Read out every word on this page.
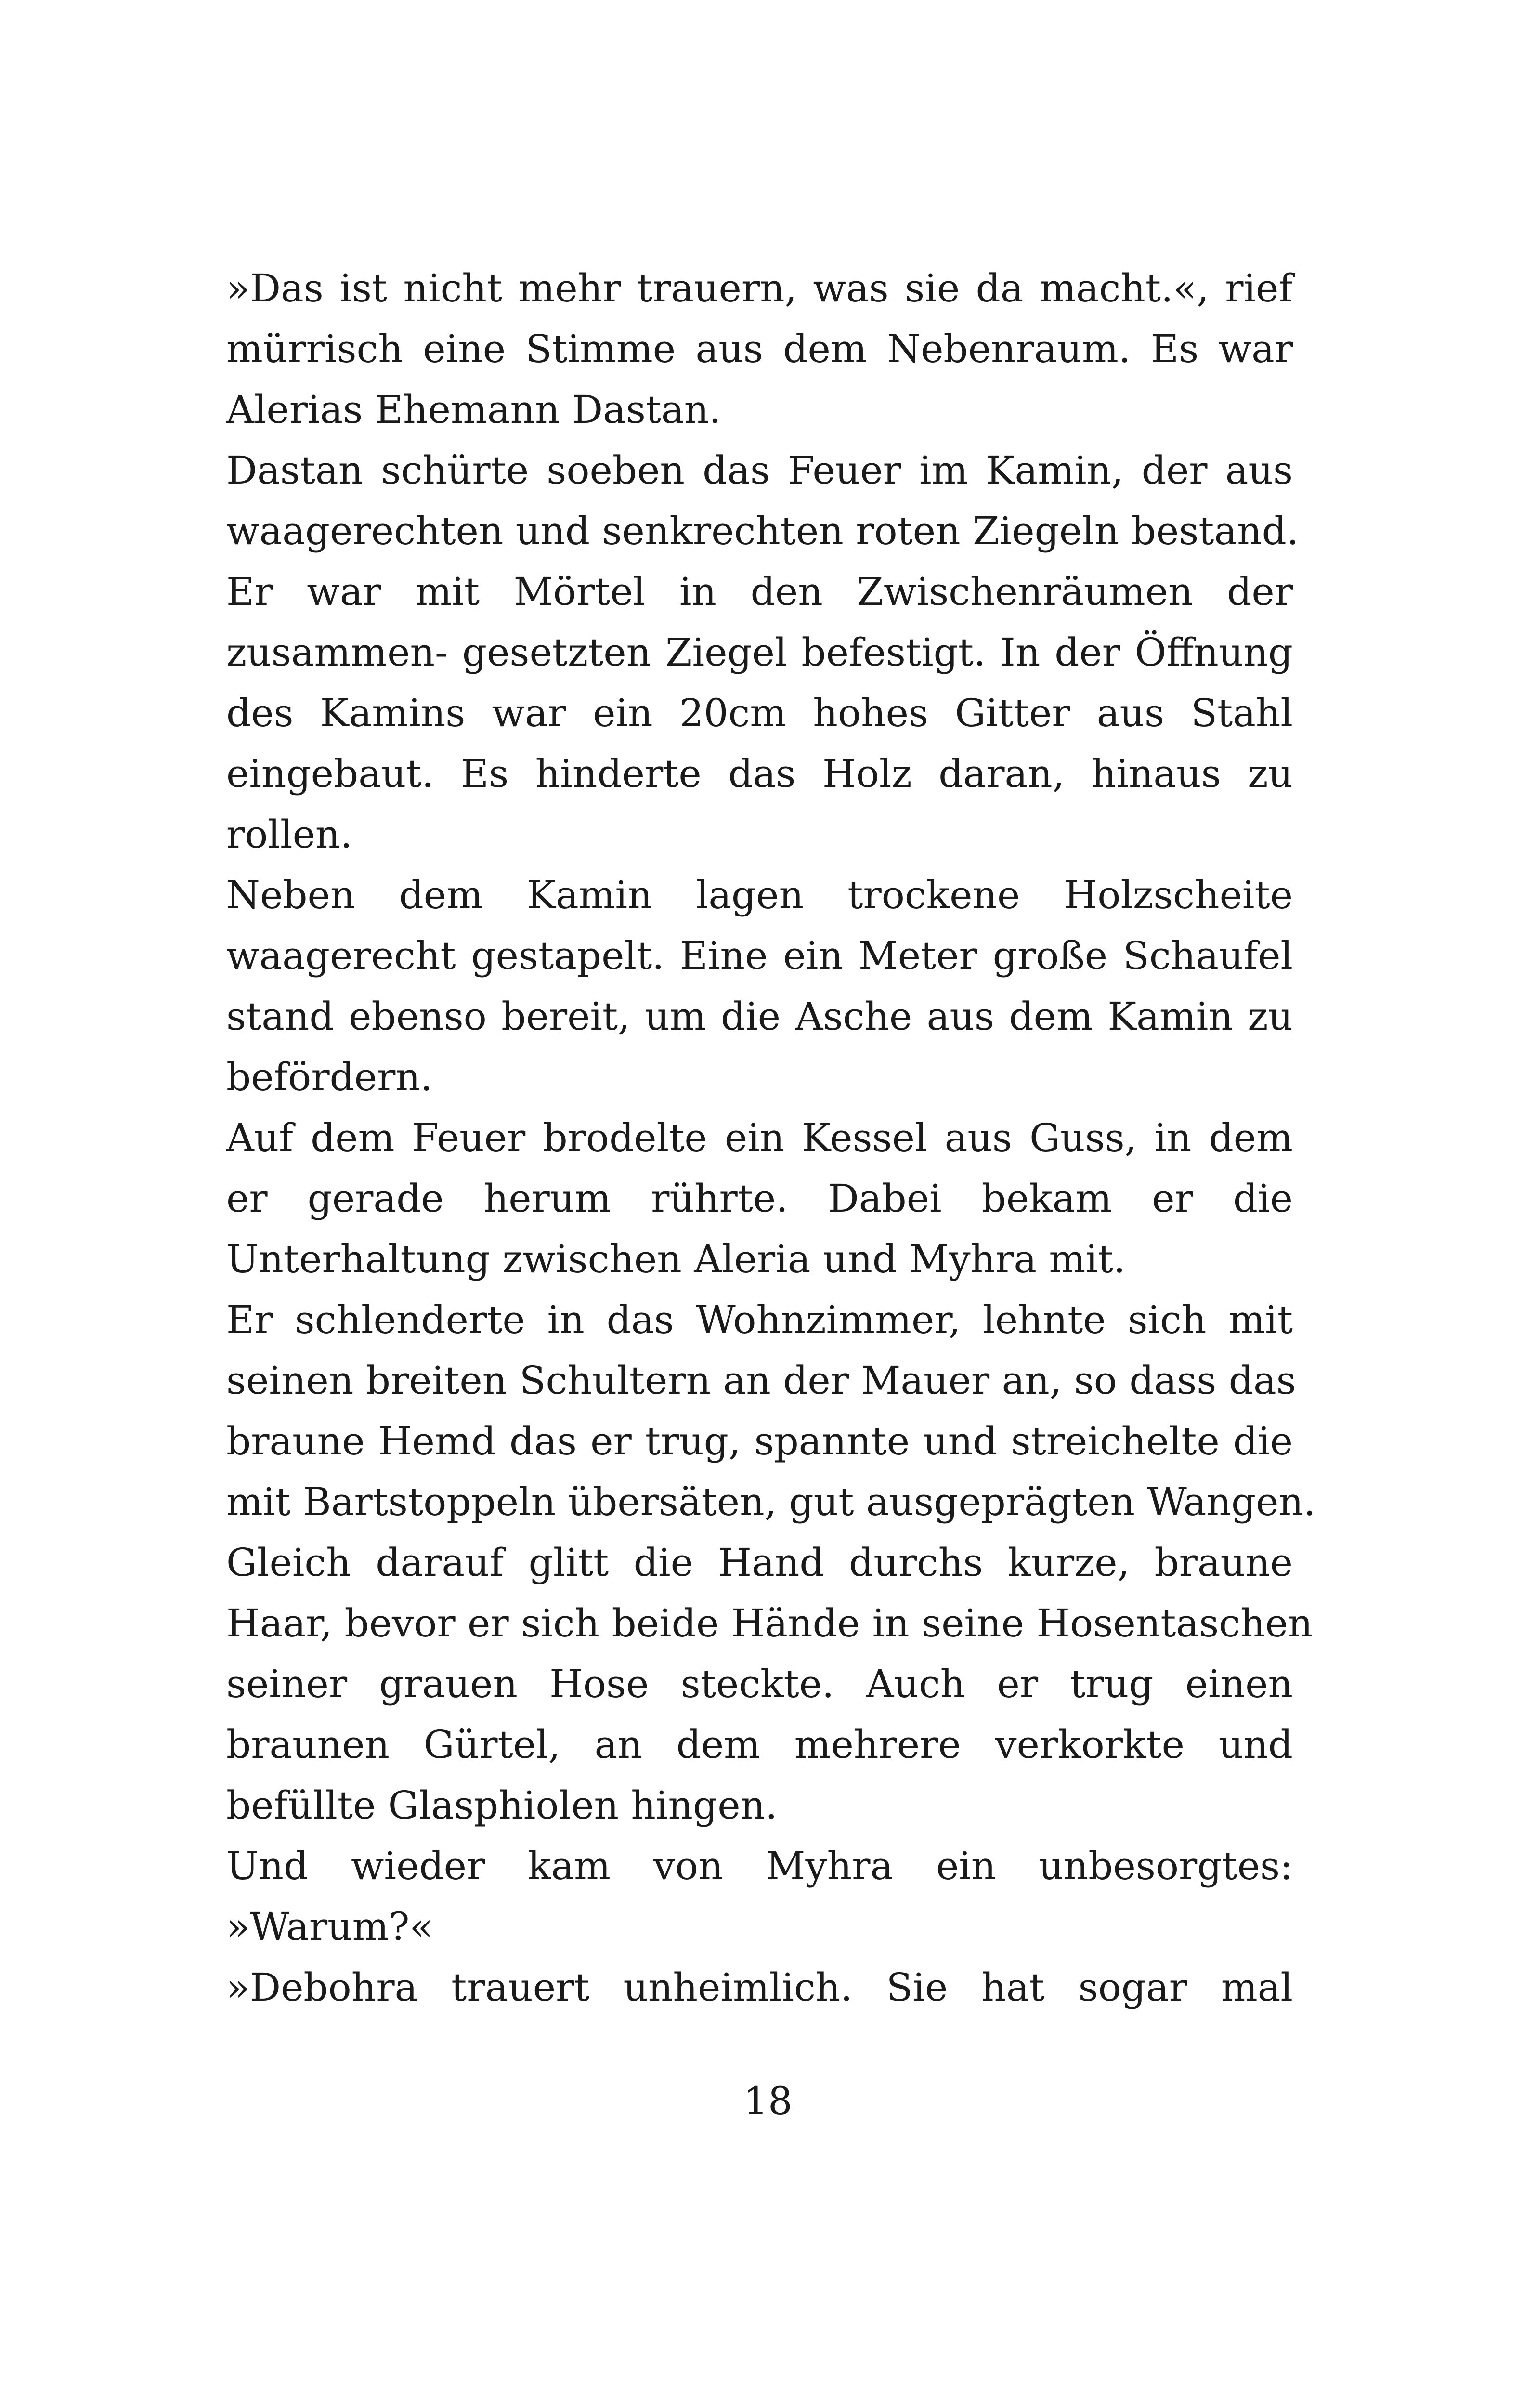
»Das ist nicht mehr trauern, was sie da macht.«, rief
mürrisch eine Stimme aus dem Nebenraum. Es war
Alerias Ehemann Dastan.
Dastan schürte soeben das Feuer im Kamin, der aus
waagerechten und senkrechten roten Ziegeln bestand.
Er war mit Mörtel in den Zwischenräumen der
zusammen- gesetzten Ziegel befestigt. In der Öffnung
des Kamins war ein 20cm hohes Gitter aus Stahl
eingebaut. Es hinderte das Holz daran, hinaus zu
rollen.
Neben dem Kamin lagen trockene Holzscheite
waagerecht gestapelt. Eine ein Meter große Schaufel
stand ebenso bereit, um die Asche aus dem Kamin zu
befördern.
Auf dem Feuer brodelte ein Kessel aus Guss, in dem
er gerade herum rührte. Dabei bekam er die
Unterhaltung zwischen Aleria und Myhra mit.
Er schlenderte in das Wohnzimmer, lehnte sich mit
seinen breiten Schultern an der Mauer an, so dass das
braune Hemd das er trug, spannte und streichelte die
mit Bartstoppeln übersäten, gut ausgeprägten Wangen.
Gleich darauf glitt die Hand durchs kurze, braune
Haar, bevor er sich beide Hände in seine Hosentaschen
seiner grauen Hose steckte. Auch er trug einen
braunen Gürtel, an dem mehrere verkorkte und
befüllte Glasphiolen hingen.
Und wieder kam von Myhra ein unbesorgtes:
»Warum?«
»Debohra trauert unheimlich. Sie hat sogar mal
18
